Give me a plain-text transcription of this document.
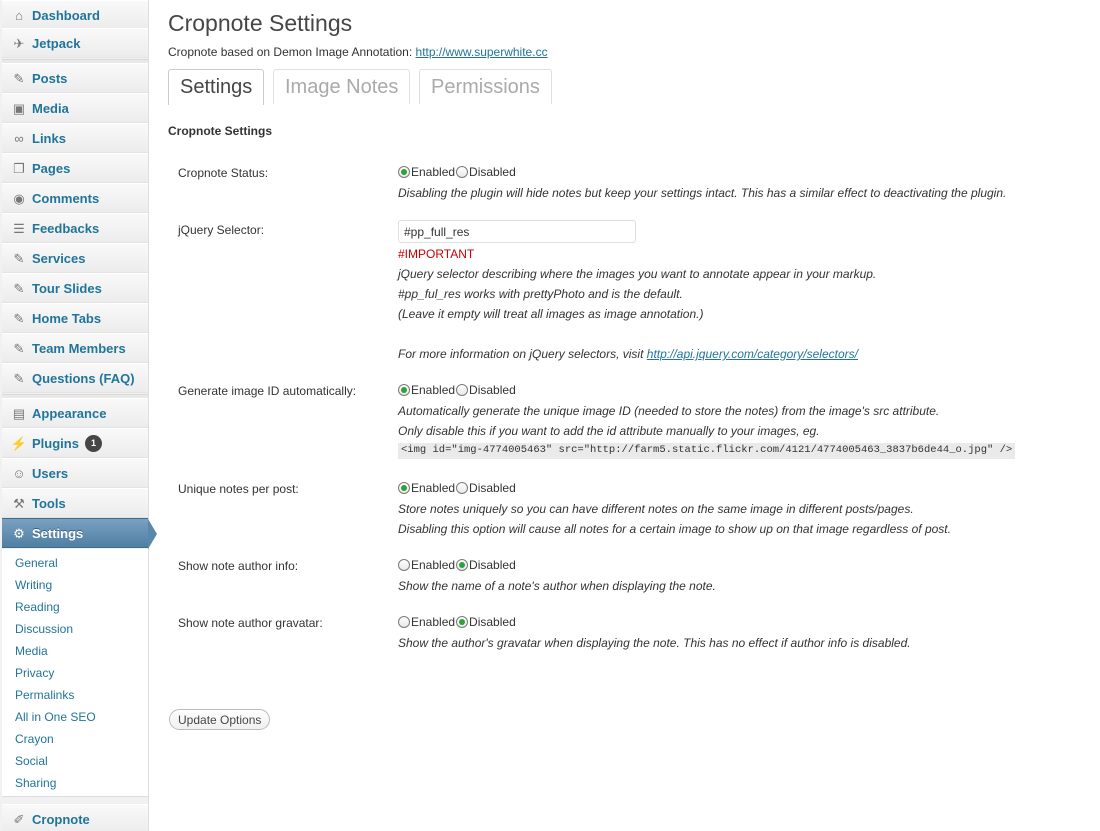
⌂ Dashboard
✈ Jetpack
✎ Posts
▣ Media
∞ Links
❐ Pages
◉ Comments
☰ Feedbacks
✎ Services
✎ Tour Slides
✎ Home Tabs
✎ Team Members
✎ Questions (FAQ)
▤ Appearance
⚡ Plugins	1
☺ Users
⚒ Tools
⚙ Settings
General
Writing
Reading
Discussion
Media
Privacy
Permalinks
All in One SEO
Crayon
Social
Sharing
✐ Cropnote
Cropnote Settings
Cropnote based on Demon Image Annotation: http://www.superwhite.cc
Settings	Image Notes	Permissions
Cropnote Settings
Cropnote Status:	Enabled Disabled
Disabling the plugin will hide notes but keep your settings intact. This has a similar effect to deactivating the plugin.
jQuery Selector:
#pp_full_res
#IMPORTANT
jQuery selector describing where the images you want to annotate appear in your markup.
#pp_ful_res works with prettyPhoto and is the default.
(Leave it empty will treat all images as image annotation.)
For more information on jQuery selectors, visit http://api.jquery.com/category/selectors/
Generate image ID automatically:	Enabled Disabled
Automatically generate the unique image ID (needed to store the notes) from the image's src attribute.
Only disable this if you want to add the id attribute manually to your images, eg.
<img id="img-4774005463" src="http://farm5.static.flickr.com/4121/4774005463_3837b6de44_o.jpg" />
Unique notes per post:	Enabled Disabled
Store notes uniquely so you can have different notes on the same image in different posts/pages.
Disabling this option will cause all notes for a certain image to show up on that image regardless of post.
Show note author info:	Enabled Disabled
Show the name of a note's author when displaying the note.
Show note author gravatar:	Enabled Disabled
Show the author's gravatar when displaying the note. This has no effect if author info is disabled.
Update Options
